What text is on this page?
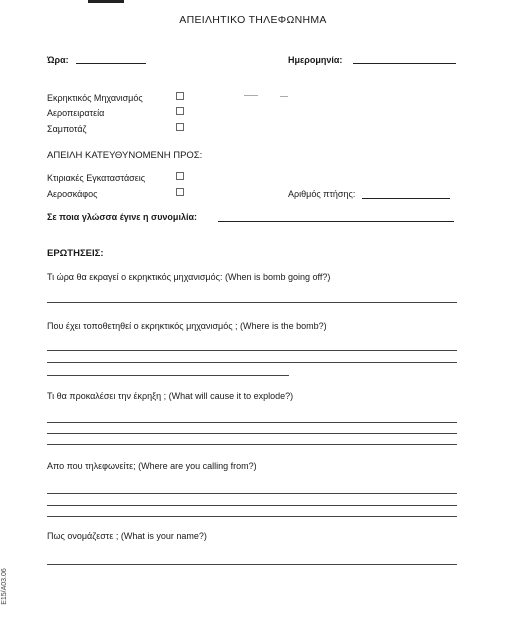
ΑΠΕΙΛΗΤΙΚΟ ΤΗΛΕΦΩΝΗΜΑ
Ώρα:	Ημερομηνία:
Εκρηκτικός Μηχανισμός
Αεροπειρατεία
Σαμποτάζ
ΑΠΕΙΛΗ ΚΑΤΕΥΘΥΝΟΜΕΝΗ ΠΡΟΣ:
Κτιριακές Εγκαταστάσεις
Αεροσκάφος	Αριθμός πτήσης:
Σε ποια γλώσσα έγινε η συνομιλία:
ΕΡΩΤΗΣΕΙΣ:
Τι ώρα θα εκραγεί ο εκρηκτικός μηχανισμός: (When is bomb going off?)
Που έχει τοποθετηθεί ο εκρηκτικός μηχανισμός ; (Where is the bomb?)
Τι θα προκαλέσει την έκρηξη ; (What will cause it to explode?)
Απο που τηλεφωνείτε; (Where are you calling from?)
Πως ονομάζεστε ; (What is your name?)
E15/A03.06
